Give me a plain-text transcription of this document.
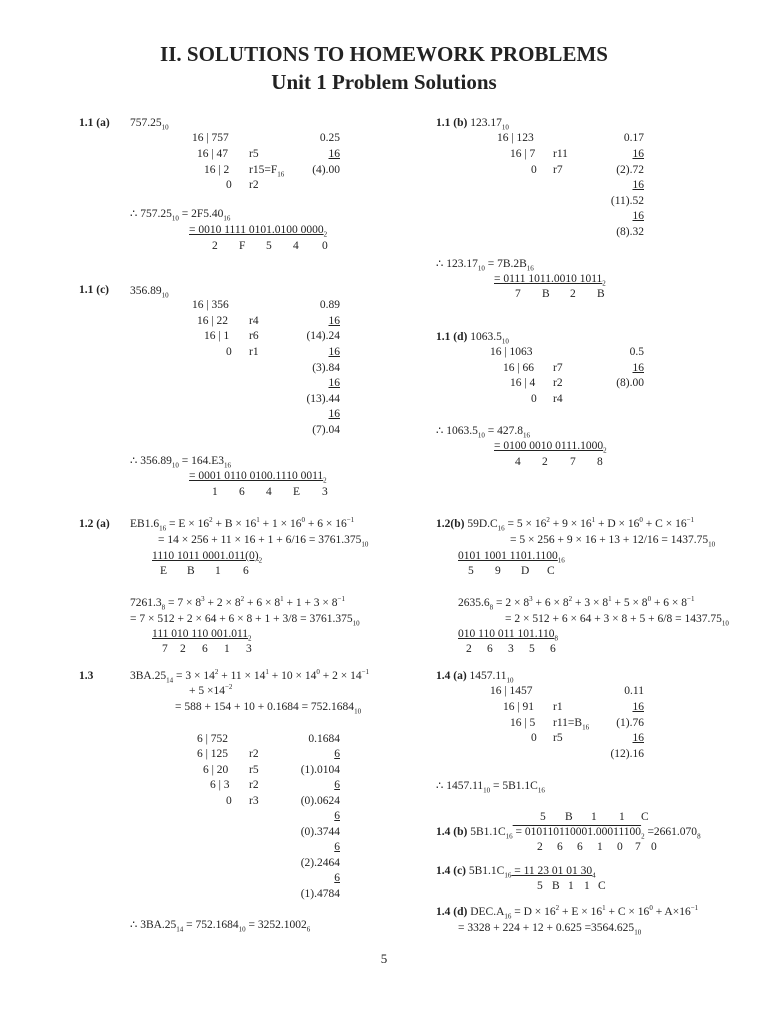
II. SOLUTIONS TO HOMEWORK PROBLEMS
Unit 1 Problem Solutions
1.1 (a) $757.25_{10}$
16 | 757
16 | 47
16 | 2
0
r5
$r15=F_{16}$
r2
0.25
16
(4).00
∴ $757.25_{10} = 2F5.40_{16}$
= 0010 1111 0101.0100 $0000_2$
2 F 5 4 0
1.1 (c) $356.89_{10}$
16 | 356
16 | 22
16 | 1
0
r4
r6
r1
0.89
16
(14).24
16
(3).84
16
(13).44
16
(7).04
∴ $356.89_{10} = 164.E3_{16}$
= 0001 0110 0100.1110 $0011_2$
1 6 4 E 3
1.1 (b) $123.17_{10}$
16 | 123
16 | 7
0
r11
r7
0.17
16
(2).72
16
(11).52
16
(8).32
∴ $123.17_{10} = 7B.2B_{16}$
= 0111 1011.0010 $1011_2$
7 B 2 B
1.1 (d) $1063.5_{10}$
16 | 1063
16 | 66
16 | 4
0
r7
r2
r4
0.5
16
(8).00
∴ $1063.5_{10} = 427.8_{16}$
= 0100 0010 $0111.1000_2$
4 2 7 8
1.2 (a) $EB1.6_{16} = E \times 16^2 + B \times 16^1 + 1 \times 16^0 + 6 \times 16^{-1}$
= $14 \times 256 + 11 \times 16 + 1 + 6/16 = 3761.375_{10}$
1110 1011 $0001.011(0)_2$
E B 1 6
$7261.3_8 = 7 \times 8^3 + 2 \times 8^2 + 6 \times 8^1 + 1 + 3 \times 8^{-1}$
= $7 \times 512 + 2 \times 64 + 6 \times 8 + 1 + 3/8 = 3761.375_{10}$
111 010 110 $001.011_2$
7 2 6 1 3
1.2(b) $59D.C_{16} = 5 \times 16^2 + 9 \times 16^1 + D \times 16^0 + C \times 16^{-1}$
= $5 \times 256 + 9 \times 16 + 13 + 12/16 = 1437.75_{10}$
0101 1001 $1101.1100_{16}$
5 9 D C
$2635.6_8 = 2 \times 8^3 + 6 \times 8^2 + 3 \times 8^1 + 5 \times 8^0 + 6 \times 8^{-1}$
= $2 \times 512 + 6 \times 64 + 3 \times 8 + 5 + 6/8 = 1437.75_{10}$
010 110 011 $101.110_8$
2 6 3 5 6
1.3	$3BA.25_{14} = 3 \times 14^2 + 11 \times 14^1 + 10 \times 14^0 + 2 \times 14^{-1}$
+ $5 \times 14^{-2}$
= $588 + 154 + 10 + 0.1684 = 752.1684_{10}$
6 | 752
6 | 125
6 | 20
6 | 3
0
r2
r5
r2
r3
0.1684
6
(1).0104
6
(0).0624
6
(0).3744
6
(2).2464
6
(1).4784
∴ $3BA.25_{14} = 752.1684_{10} = 3252.1002_6$
1.4 (a) $1457.11_{10}$
16 | 1457
16 | 91
16 | 5
0
r1
$r11=B_{16}$
r5
0.11
16
(1).76
16
(12).16
∴ $1457.11_{10} = 5B1.1C_{16}$
5 B 1 1 C
1.4 (b) $5B1.1C_{16} = 010110110001.00011100_2 =2661.070_8$
2 6 6 1 0 7 0
1.4 (c) $5B1.1C_{16} = 11$ 23 01 01 $30_4$
5 B 1 1 C
1.4 (d) $DEC.A_{16} = D \times 16^2 + E \times 16^1 + C \times 16^0 + A\times 16^{-1}$
= $3328 + 224 + 12 + 0.625 =3564.625_{10}$
5
